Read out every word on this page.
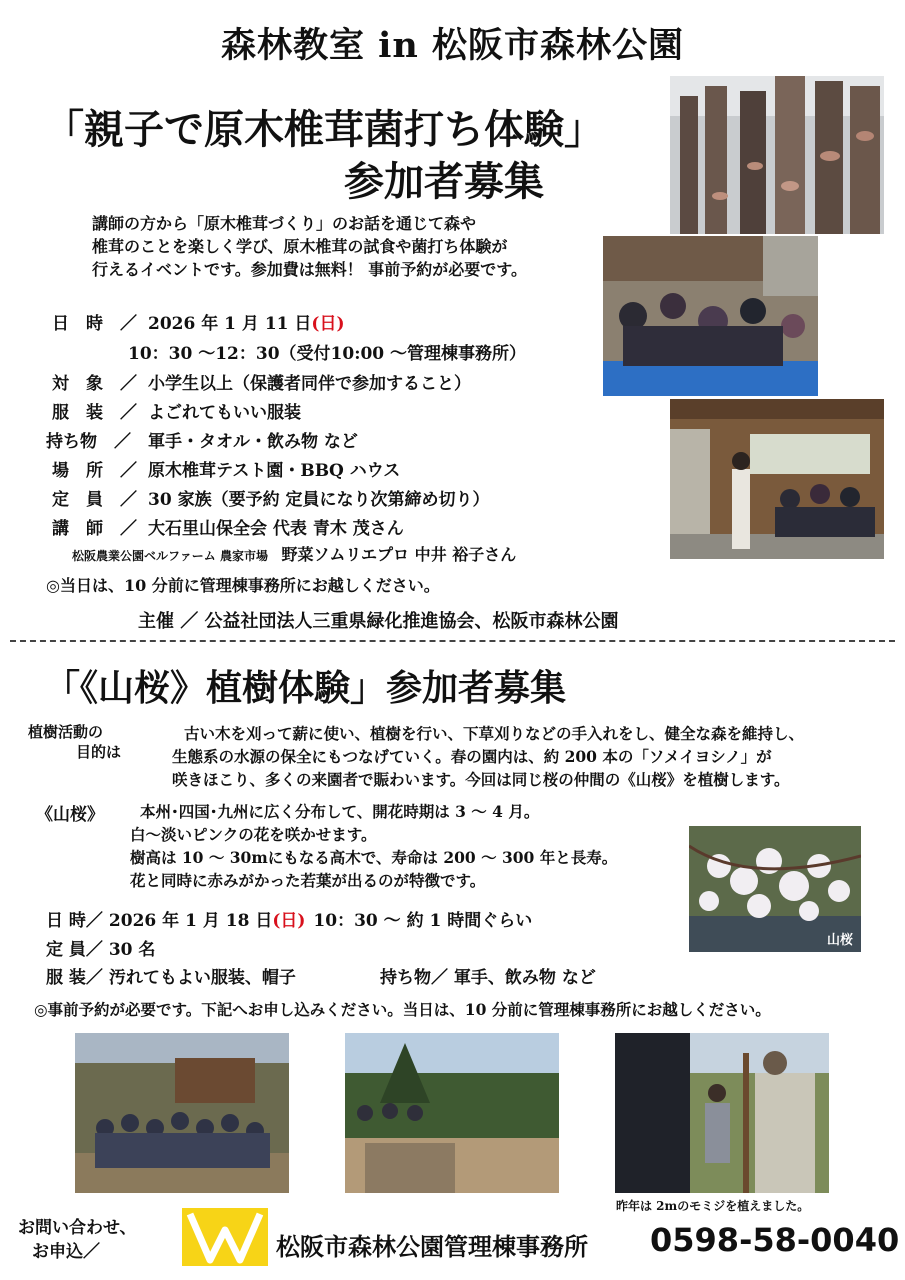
森林教室 in 松阪市森林公園
「親子で原木椎茸菌打ち体験」
参加者募集
講師の方から「原木椎茸づくり」のお話を通じて森や
椎茸のことを楽しく学び、原木椎茸の試食や菌打ち体験が
行えるイベントです。参加費は無料！ 事前予約が必要です。
日　時　／ 2026 年 1 月 11 日(日)
10：30 〜12：30（受付10:00 〜管理棟事務所）
対　象　／ 小学生以上（保護者同伴で参加すること）
服　装　／ よごれてもいい服装
持ち物　／ 軍手・タオル・飲み物 など
場　所　／ 原木椎茸テスト園・BBQ ハウス
定　員　／ 30 家族（要予約 定員になり次第締め切り）
講　師　／ 大石里山保全会 代表 青木 茂さん
松阪農業公園ベルファーム 農家市場 野菜ソムリエプロ 中井 裕子さん
◎当日は、10 分前に管理棟事務所にお越しください。
主催 ／ 公益社団法人三重県緑化推進協会、松阪市森林公園
「《山桜》植樹体験」参加者募集
植樹活動の
目的は
古い木を刈って薪に使い、植樹を行い、下草刈りなどの手入れをし、健全な森を維持し、
生態系の水源の保全にもつなげていく。春の園内は、約 200 本の「ソメイヨシノ」が
咲きほこり、多くの来園者で賑わいます。今回は同じ桜の仲間の《山桜》を植樹します。
《山桜》	本州･四国･九州に広く分布して、開花時期は 3 〜 4 月。
白〜淡いピンクの花を咲かせます。
樹高は 10 〜 30mにもなる高木で、寿命は 200 〜 300 年と長寿。
花と同時に赤みがかった若葉が出るのが特徴です。
山桜
日 時／ 2026 年 1 月 18 日(日) 10：30 〜 約 1 時間ぐらい
定 員／ 30 名
服 装／ 汚れてもよい服装、帽子	持ち物／ 軍手、飲み物 など
◎事前予約が必要です。下記へお申し込みください。当日は、10 分前に管理棟事務所にお越しください。
昨年は 2mのモミジを植えました。
お問い合わせ、
お申込／	松阪市森林公園管理棟事務所 0598-58-0040
